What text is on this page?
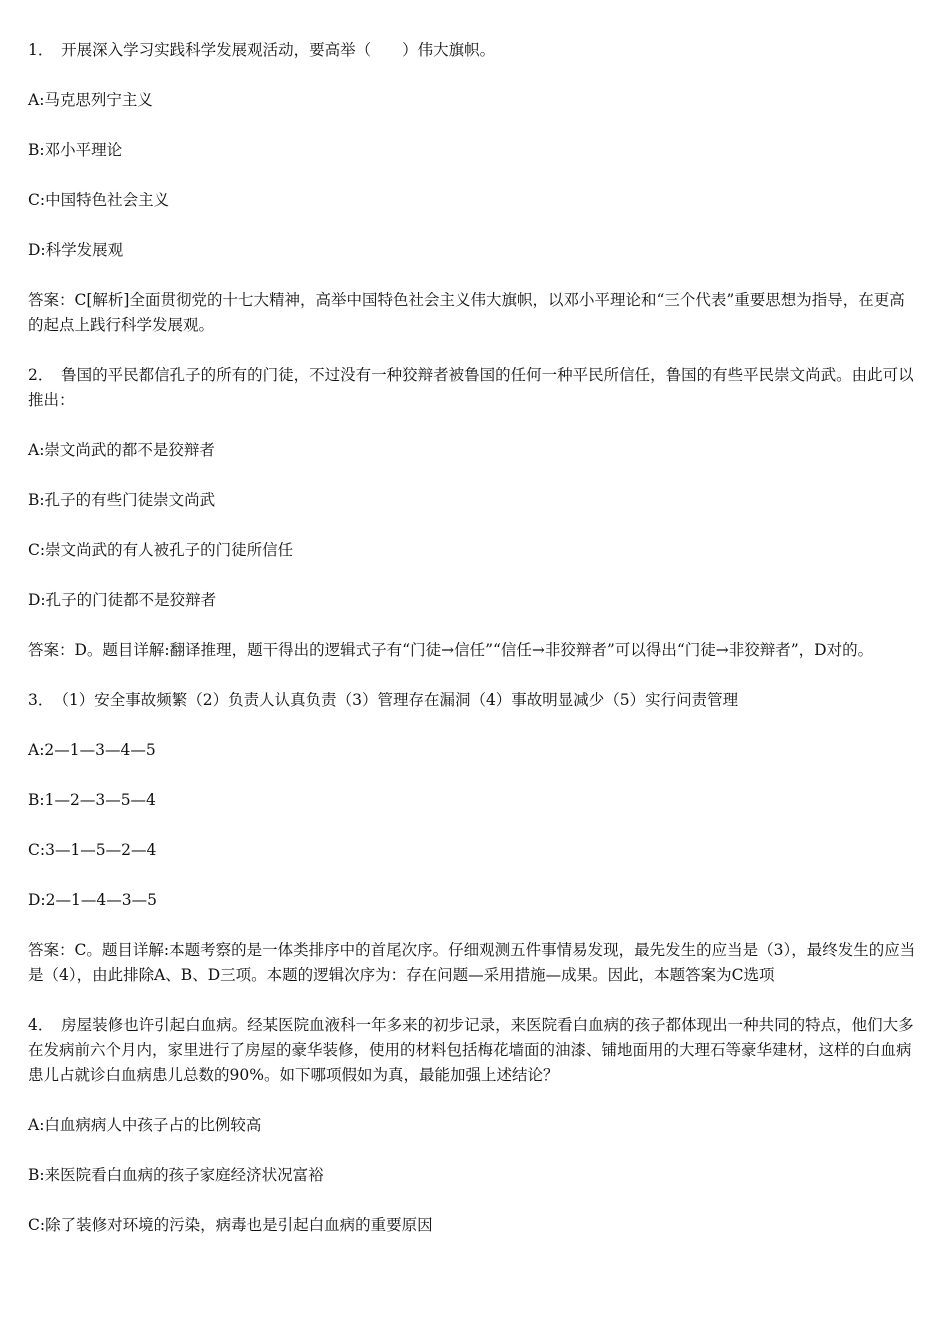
1．　开展深入学习实践科学发展观活动，要高举（　　）伟大旗帜。

A:马克思列宁主义

B:邓小平理论

C:中国特色社会主义

D:科学发展观

答案：C[解析]全面贯彻党的十七大精神，高举中国特色社会主义伟大旗帜，以邓小平理论和“三个代表”重要思想为指导，在更高的起点上践行科学发展观。

2．　鲁国的平民都信孔子的所有的门徒，不过没有一种狡辩者被鲁国的任何一种平民所信任，鲁国的有些平民崇文尚武。由此可以推出：

A:崇文尚武的都不是狡辩者

B:孔子的有些门徒崇文尚武

C:崇文尚武的有人被孔子的门徒所信任

D:孔子的门徒都不是狡辩者

答案：D。题目详解:翻译推理，题干得出的逻辑式子有“门徒→信任”“信任→非狡辩者”可以得出“门徒→非狡辩者”，D对的。

3．　（1）安全事故频繁（2）负责人认真负责（3）管理存在漏洞（4）事故明显减少（5）实行问责管理

A:2—1—3—4—5

B:1—2—3—5—4

C:3—1—5—2—4

D:2—1—4—3—5

答案：C。题目详解:本题考察的是一体类排序中的首尾次序。仔细观测五件事情易发现，最先发生的应当是（3），最终发生的应当是（4），由此排除A、B、D三项。本题的逻辑次序为：存在问题—采用措施—成果。因此，本题答案为C选项

4．　房屋装修也许引起白血病。经某医院血液科一年多来的初步记录，来医院看白血病的孩子都体现出一种共同的特点，他们大多在发病前六个月内，家里进行了房屋的豪华装修，使用的材料包括梅花墙面的油漆、铺地面用的大理石等豪华建材，这样的白血病患儿占就诊白血病患儿总数的90%。如下哪项假如为真，最能加强上述结论？

A:白血病病人中孩子占的比例较高

B:来医院看白血病的孩子家庭经济状况富裕

C:除了装修对环境的污染，病毒也是引起白血病的重要原因
